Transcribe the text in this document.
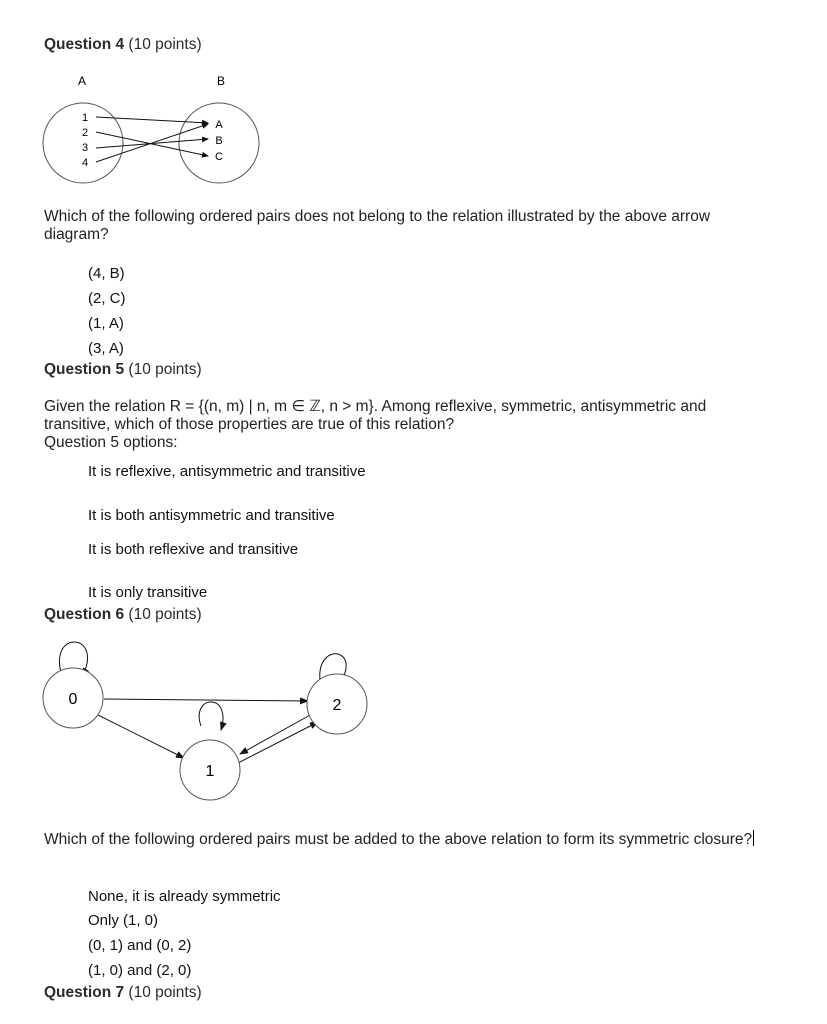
Question 4 (10 points)
A	B
1
2
3
4
A
B
C
Which of the following ordered pairs does not belong to the relation illustrated by the above arrow diagram?
(4, B)
(2, C)
(1, A)
(3, A)
Question 5 (10 points)
Given the relation R = {(n, m) | n, m ∈ ℤ, n > m}. Among reflexive, symmetric, antisymmetric and transitive, which of those properties are true of this relation?
Question 5 options:
It is reflexive, antisymmetric and transitive
It is both antisymmetric and transitive
It is both reflexive and transitive
It is only transitive
Question 6 (10 points)
0
1
2
Which of the following ordered pairs must be added to the above relation to form its symmetric closure?
None, it is already symmetric
Only (1, 0)
(0, 1) and (0, 2)
(1, 0) and (2, 0)
Question 7 (10 points)
